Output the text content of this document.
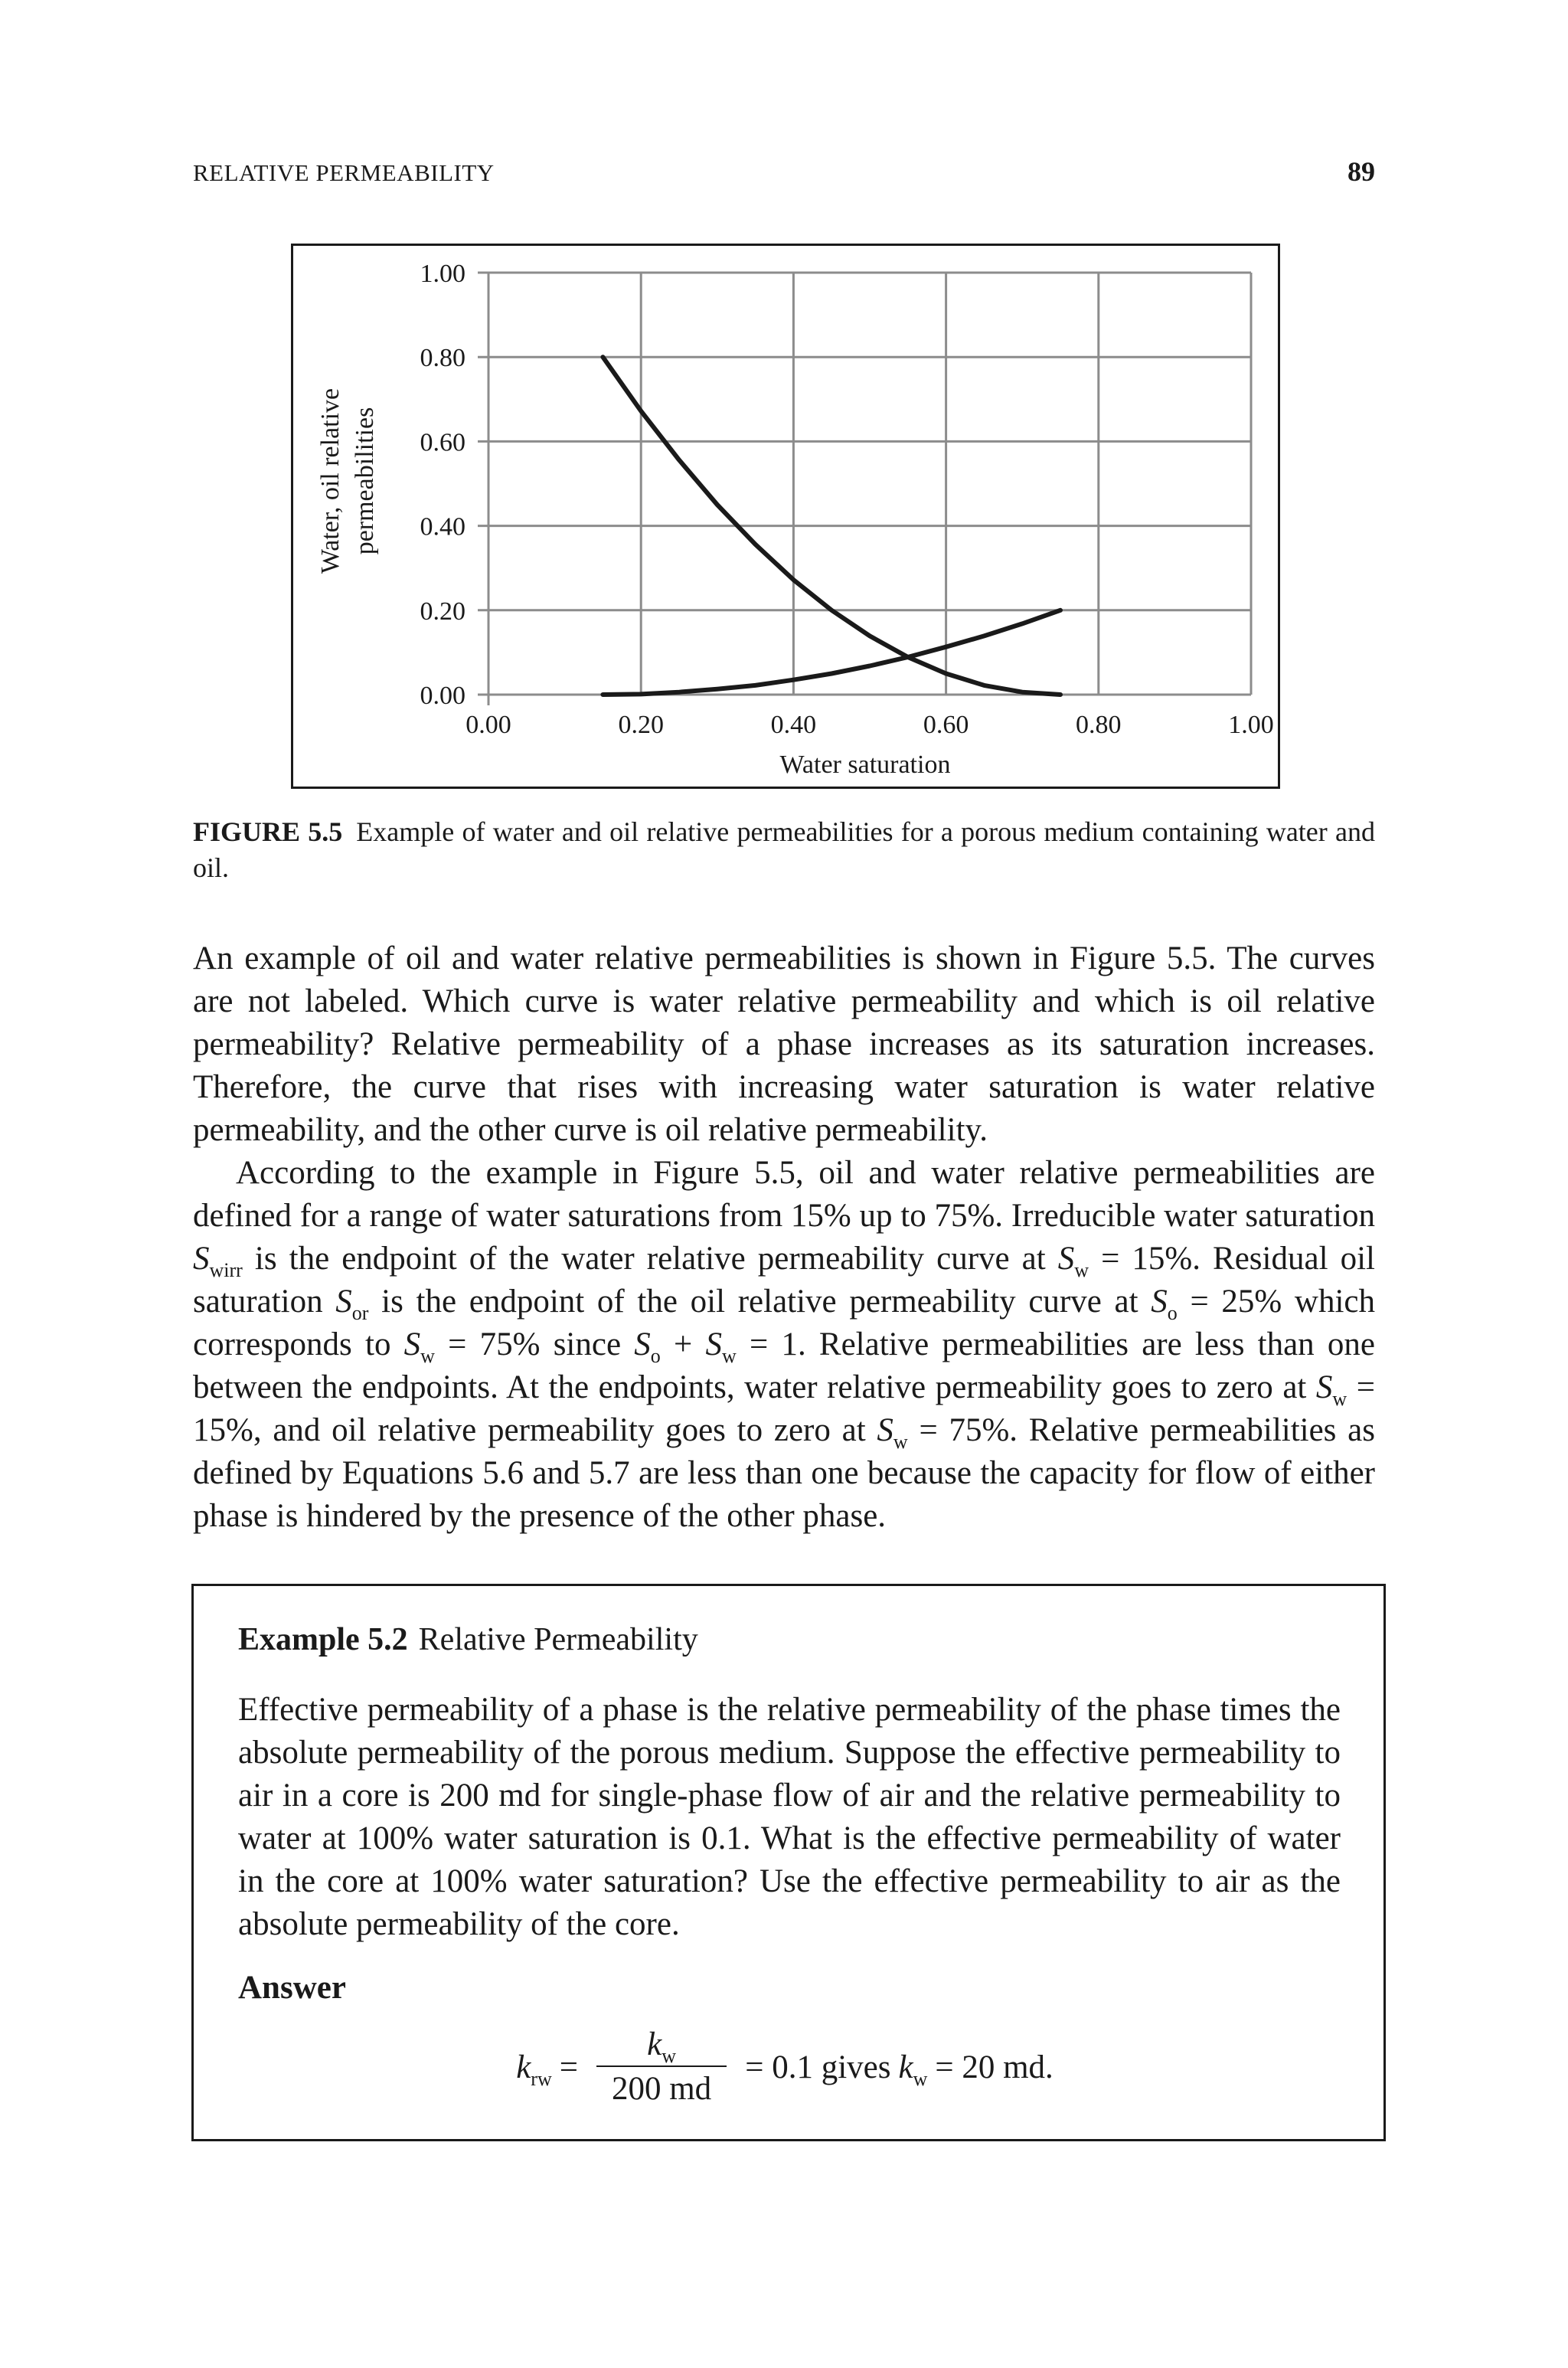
RELATIVE PERMEABILITY	89
0.00
0.20
0.40
0.60
0.80
1.00
0.00	0.20	0.40	0.60	0.80	1.00
Water saturation
Water, oil relative permeabilities
FIGURE 5.5 Example of water and oil relative permeabilities for a porous medium containing water and oil.

An example of oil and water relative permeabilities is shown in Figure 5.5. The curves are not labeled. Which curve is water relative permeability and which is oil relative permeability? Relative permeability of a phase increases as its saturation increases. Therefore, the curve that rises with increasing water saturation is water relative permeability, and the other curve is oil relative permeability.

According to the example in Figure 5.5, oil and water relative permeabilities are defined for a range of water saturations from 15% up to 75%. Irreducible water saturation $S_{wirr}$ is the endpoint of the water relative permeability curve at $S_w = 15\%$. Residual oil saturation $S_{or}$ is the endpoint of the oil relative permeability curve at $S_o = 25\%$ which corresponds to $S_w = 75\%$ since $S_o + S_w = 1$. Relative permeabilities are less than one between the endpoints. At the endpoints, water relative permeability goes to zero at $S_w = 15\%$, and oil relative permeability goes to zero at $S_w = 75\%$. Relative permeabilities as defined by Equations 5.6 and 5.7 are less than one because the capacity for flow of either phase is hindered by the presence of the other phase.

Example 5.2 Relative Permeability

Effective permeability of a phase is the relative permeability of the phase times the absolute permeability of the porous medium. Suppose the effective permeability to air in a core is 200 md for single-phase flow of air and the relative permeability to water at 100% water saturation is 0.1. What is the effective permeability of water in the core at 100% water saturation? Use the effective permeability to air as the absolute permeability of the core.

Answer
$k_{rw} = \frac{k_w}{200 md} = 0.1$ gives $k_w = 20$ md.
